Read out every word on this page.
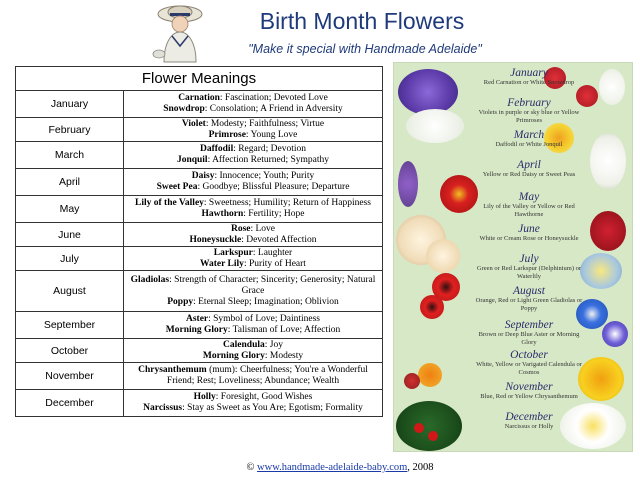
Birth Month Flowers
"Make it special with Handmade Adelaide"
Flower Meanings	
January	Carnation: Fascination; Devoted Love
Snowdrop: Consolation; A Friend in Adversity

February	Violet: Modesty; Faithfulness; Virtue
Primrose: Young Love

March	Daffodil: Regard; Devotion
Jonquil: Affection Returned; Sympathy

April	Daisy: Innocence; Youth; Purity
Sweet Pea: Goodbye; Blissful Pleasure; Departure

May	Lily of the Valley: Sweetness; Humility; Return of Happiness
Hawthorn: Fertility; Hope

June	Rose: Love
Honeysuckle: Devoted Affection

July	Larkspur: Laughter
Water Lily: Purity of Heart

August	Gladiolas: Strength of Character; Sincerity; Generosity; Natural Grace
Poppy: Eternal Sleep; Imagination; Oblivion

September	Aster: Symbol of Love; Daintiness
Morning Glory: Talisman of Love; Affection

October	Calendula: Joy
Morning Glory: Modesty

November	Chrysanthemum (mum): Cheerfulness; You're a Wonderful Friend; Rest; Loveliness; Abundance; Wealth

December	Holly: Foresight, Good Wishes
Narcissus: Stay as Sweet as You Are; Egotism; Formality
January
Red Carnation or White Snowdrop
February
Violets in purple or sky blue or Yellow Primroses
March
Daffodil or White Jonquil
April
Yellow or Red Daisy or Sweet Peas
May
Lily of the Valley or Yellow or Red Hawthorne
June
White or Cream Rose or Honeysuckle
July
Green or Red Larkspur (Delphinium) or Waterlily
August
Orange, Red or Light Green Gladiolas or Poppy
September
Brown or Deep Blue Aster or Morning Glory
October
White, Yellow or Varigated Calendula or Cosmos
November
Blue, Red or Yellow Chrysanthemum
December
Narcissus or Holly
© www.handmade-adelaide-baby.com, 2008
